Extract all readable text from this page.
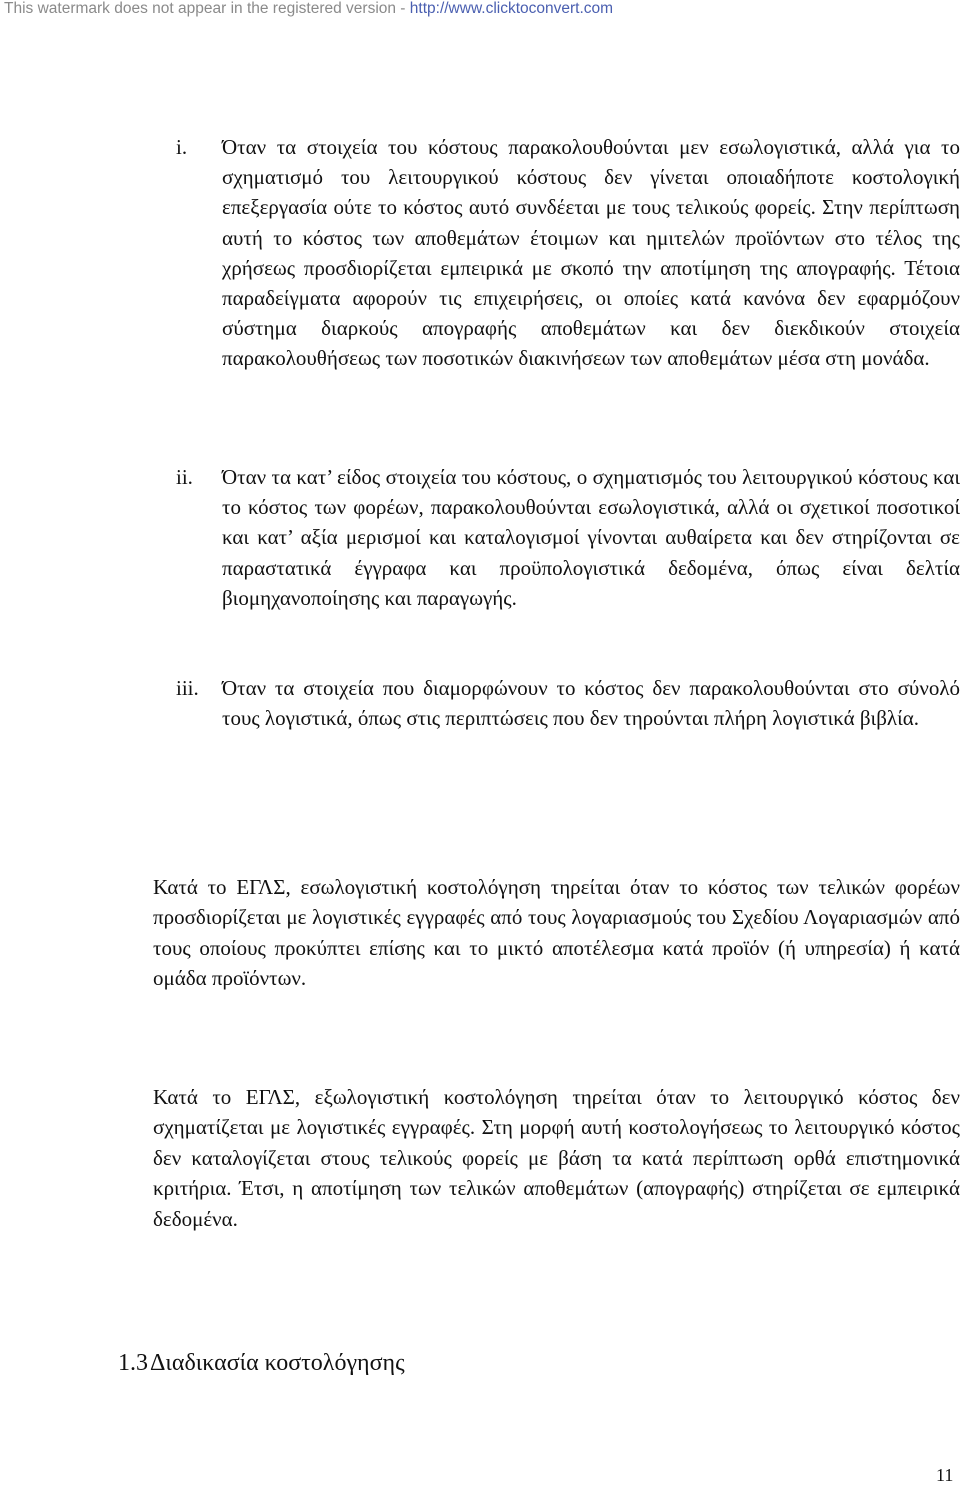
This watermark does not appear in the registered version - http://www.clicktoconvert.com
i. Όταν τα στοιχεία του κόστους παρακολουθούνται μεν εσωλογιστικά, αλλά για το σχηματισμό του λειτουργικού κόστους δεν γίνεται οποιαδήποτε κοστολογική επεξεργασία ούτε το κόστος αυτό συνδέεται με τους τελικούς φορείς. Στην περίπτωση αυτή το κόστος των αποθεμάτων έτοιμων και ημιτελών προϊόντων στο τέλος της χρήσεως προσδιορίζεται εμπειρικά με σκοπό την αποτίμηση της απογραφής. Τέτοια παραδείγματα αφορούν τις επιχειρήσεις, οι οποίες κατά κανόνα δεν εφαρμόζουν σύστημα διαρκούς απογραφής αποθεμάτων και δεν διεκδικούν στοιχεία παρακολουθήσεως των ποσοτικών διακινήσεων των αποθεμάτων μέσα στη μονάδα.

ii. Όταν τα κατ’ είδος στοιχεία του κόστους, ο σχηματισμός του λειτουργικού κόστους και το κόστος των φορέων, παρακολουθούνται εσωλογιστικά, αλλά οι σχετικοί ποσοτικοί και κατ’ αξία μερισμοί και καταλογισμοί γίνονται αυθαίρετα και δεν στηρίζονται σε παραστατικά έγγραφα και προϋπολογιστικά δεδομένα, όπως είναι δελτία βιομηχανοποίησης και παραγωγής.

iii. Όταν τα στοιχεία που διαμορφώνουν το κόστος δεν παρακολουθούνται στο σύνολό τους λογιστικά, όπως στις περιπτώσεις που δεν τηρούνται πλήρη λογιστικά βιβλία.

Κατά το ΕΓΛΣ, εσωλογιστική κοστολόγηση τηρείται όταν το κόστος των τελικών φορέων προσδιορίζεται με λογιστικές εγγραφές από τους λογαριασμούς του Σχεδίου Λογαριασμών από τους οποίους προκύπτει επίσης και το μικτό αποτέλεσμα κατά προϊόν (ή υπηρεσία) ή κατά ομάδα προϊόντων.

Κατά το ΕΓΛΣ, εξωλογιστική κοστολόγηση τηρείται όταν το λειτουργικό κόστος δεν σχηματίζεται με λογιστικές εγγραφές. Στη μορφή αυτή κοστολογήσεως το λειτουργικό κόστος δεν καταλογίζεται στους τελικούς φορείς με βάση τα κατά περίπτωση ορθά επιστημονικά κριτήρια. Έτσι, η αποτίμηση των τελικών αποθεμάτων (απογραφής) στηρίζεται σε εμπειρικά δεδομένα.

1.3Διαδικασία κοστολόγησης
11
